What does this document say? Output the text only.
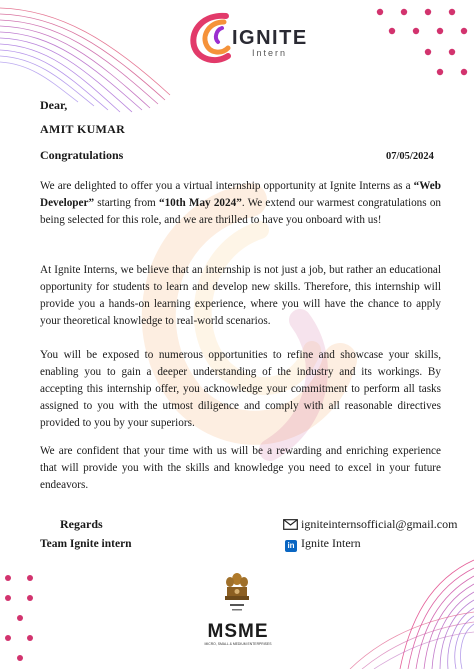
IGNITE
Intern
Dear,
AMIT KUMAR
Congratulations	07/05/2024
We are delighted to offer you a virtual internship opportunity at Ignite Interns as a “Web Developer” starting from “10th May 2024”. We extend our warmest congratulations on being selected for this role, and we are thrilled to have you onboard with us!
At Ignite Interns, we believe that an internship is not just a job, but rather an educational opportunity for students to learn and develop new skills. Therefore, this internship will provide you a hands-on learning experience, where you will have the chance to apply your theoretical knowledge to real-world scenarios.
You will be exposed to numerous opportunities to refine and showcase your skills, enabling you to gain a deeper understanding of the industry and its workings. By accepting this internship offer, you acknowledge your commitment to perform all tasks assigned to you with the utmost diligence and comply with all reasonable directives provided to you by your superiors.
We are confident that your time with us will be a rewarding and enriching experience that will provide you with the skills and knowledge you need to excel in your future endeavors.
Regards
Team Ignite intern
igniteinternsofficial@gmail.com
in Ignite Intern
MSME
MICRO, SMALL & MEDIUM ENTERPRISES
